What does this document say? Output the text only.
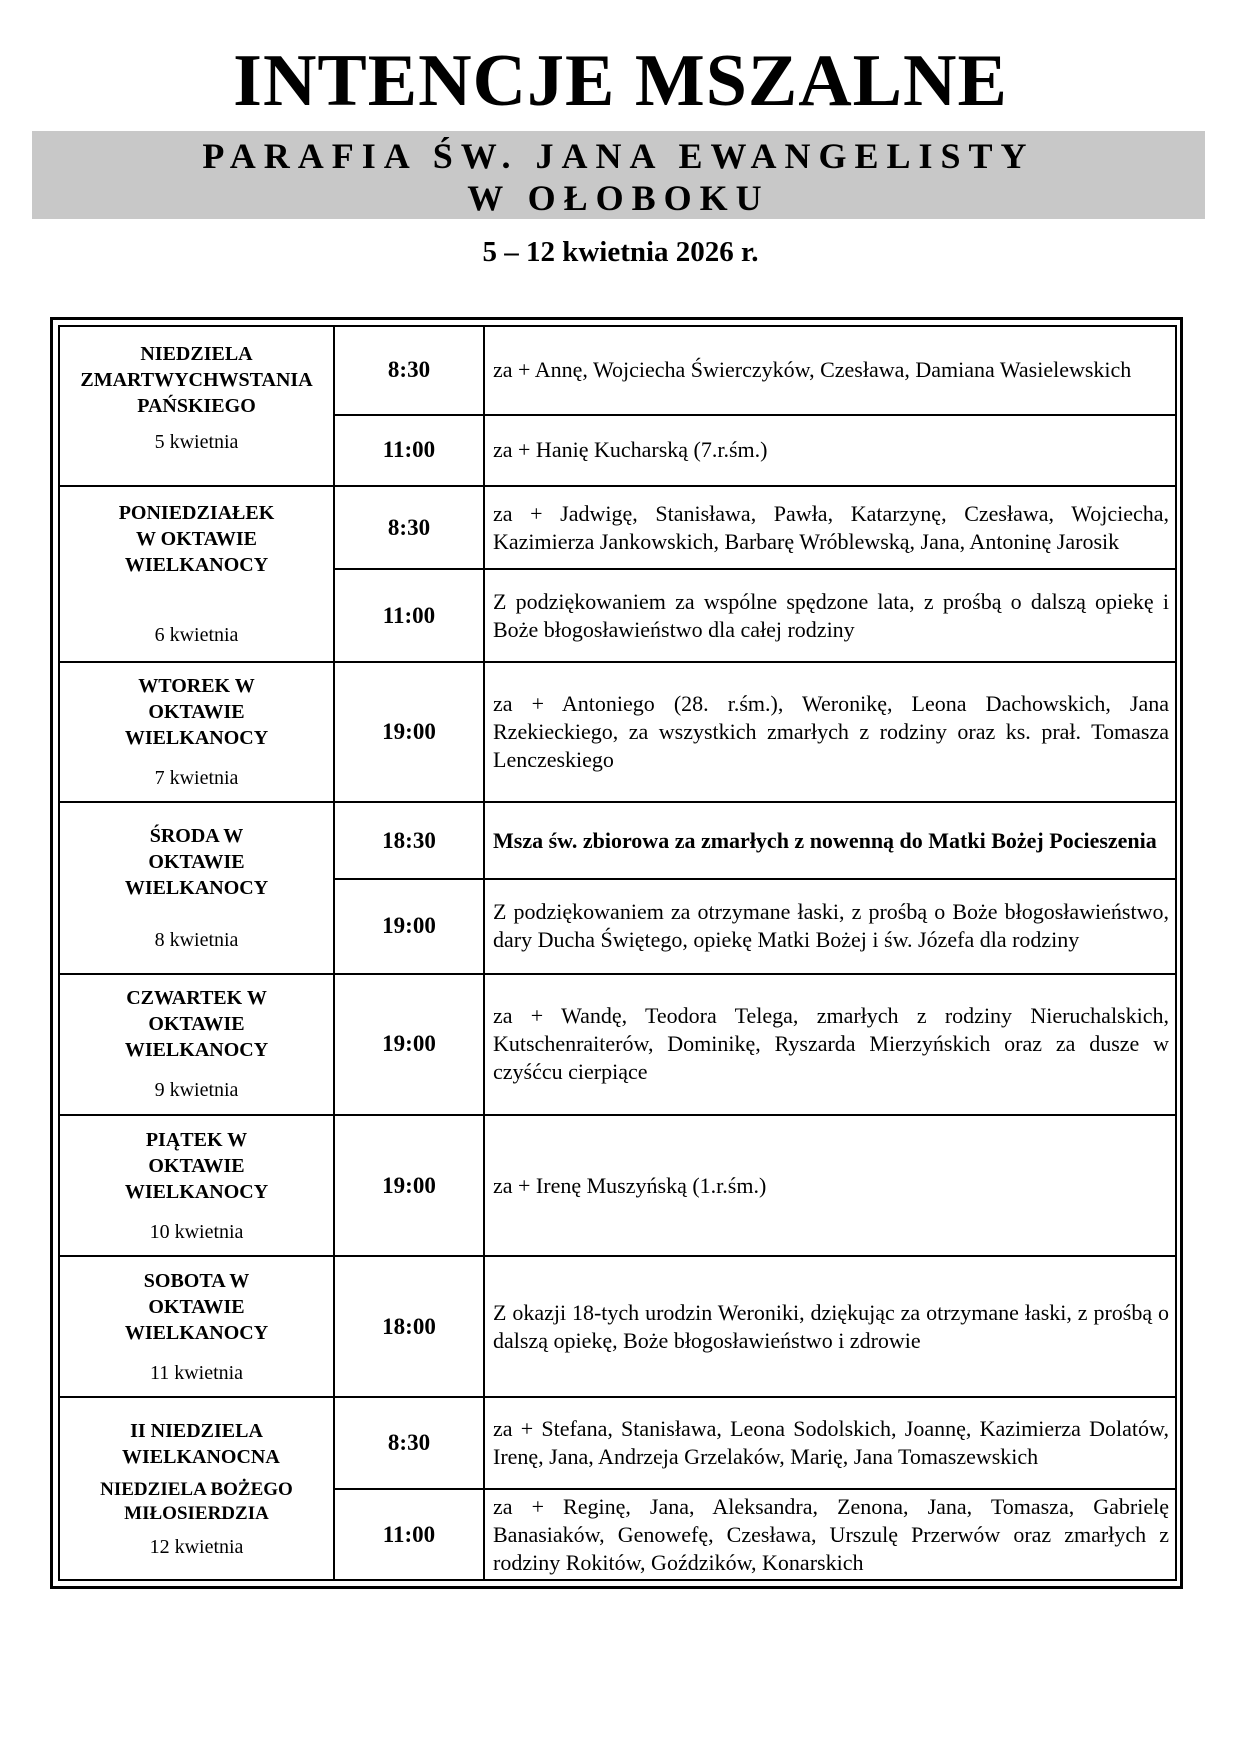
INTENCJE MSZALNE
PARAFIA ŚW. JANA EWANGELISTY
W OŁOBOKU
5 – 12 kwietnia 2026 r.
NIEDZIELA ZMARTWYCHWSTANIA PAŃSKIEGO
5 kwietnia	8:30	za + Annę, Wojciecha Świerczyków, Czesława, Damiana Wasielewskich
	11:00	za + Hanię Kucharską (7.r.śm.)

PONIEDZIAŁEK W OKTAWIE WIELKANOCY
6 kwietnia	8:30	za + Jadwigę, Stanisława, Pawła, Katarzynę, Czesława, Wojciecha, Kazimierza Jankowskich, Barbarę Wróblewską, Jana, Antoninę Jarosik
	11:00	Z podziękowaniem za wspólne spędzone lata, z prośbą o dalszą opiekę i Boże błogosławieństwo dla całej rodziny

WTOREK W OKTAWIE WIELKANOCY
7 kwietnia	19:00	za + Antoniego (28. r.śm.), Weronikę, Leona Dachowskich, Jana Rzekieckiego, za wszystkich zmarłych z rodziny oraz ks. prał. Tomasza Lenczeskiego

ŚRODA W OKTAWIE WIELKANOCY
8 kwietnia	18:30	Msza św. zbiorowa za zmarłych z nowenną do Matki Bożej Pocieszenia
	19:00	Z podziękowaniem za otrzymane łaski, z prośbą o Boże błogosławieństwo, dary Ducha Świętego, opiekę Matki Bożej i św. Józefa dla rodziny

CZWARTEK W OKTAWIE WIELKANOCY
9 kwietnia	19:00	za + Wandę, Teodora Telega, zmarłych z rodziny Nieruchalskich, Kutschenraiterów, Dominikę, Ryszarda Mierzyńskich oraz za dusze w czyśćcu cierpiące

PIĄTEK W OKTAWIE WIELKANOCY
10 kwietnia	19:00	za + Irenę Muszyńską (1.r.śm.)

SOBOTA W OKTAWIE WIELKANOCY
11 kwietnia	18:00	Z okazji 18-tych urodzin Weroniki, dziękując za otrzymane łaski, z prośbą o dalszą opiekę, Boże błogosławieństwo i zdrowie

II NIEDZIELA WIELKANOCNA
NIEDZIELA BOŻEGO MIŁOSIERDZIA
12 kwietnia	8:30	za + Stefana, Stanisława, Leona Sodolskich, Joannę, Kazimierza Dolatów, Irenę, Jana, Andrzeja Grzelaków, Marię, Jana Tomaszewskich
	11:00	za + Reginę, Jana, Aleksandra, Zenona, Jana, Tomasza, Gabrielę Banasiaków, Genowefę, Czesława, Urszulę Przerwów oraz zmarłych z rodziny Rokitów, Goździków, Konarskich
